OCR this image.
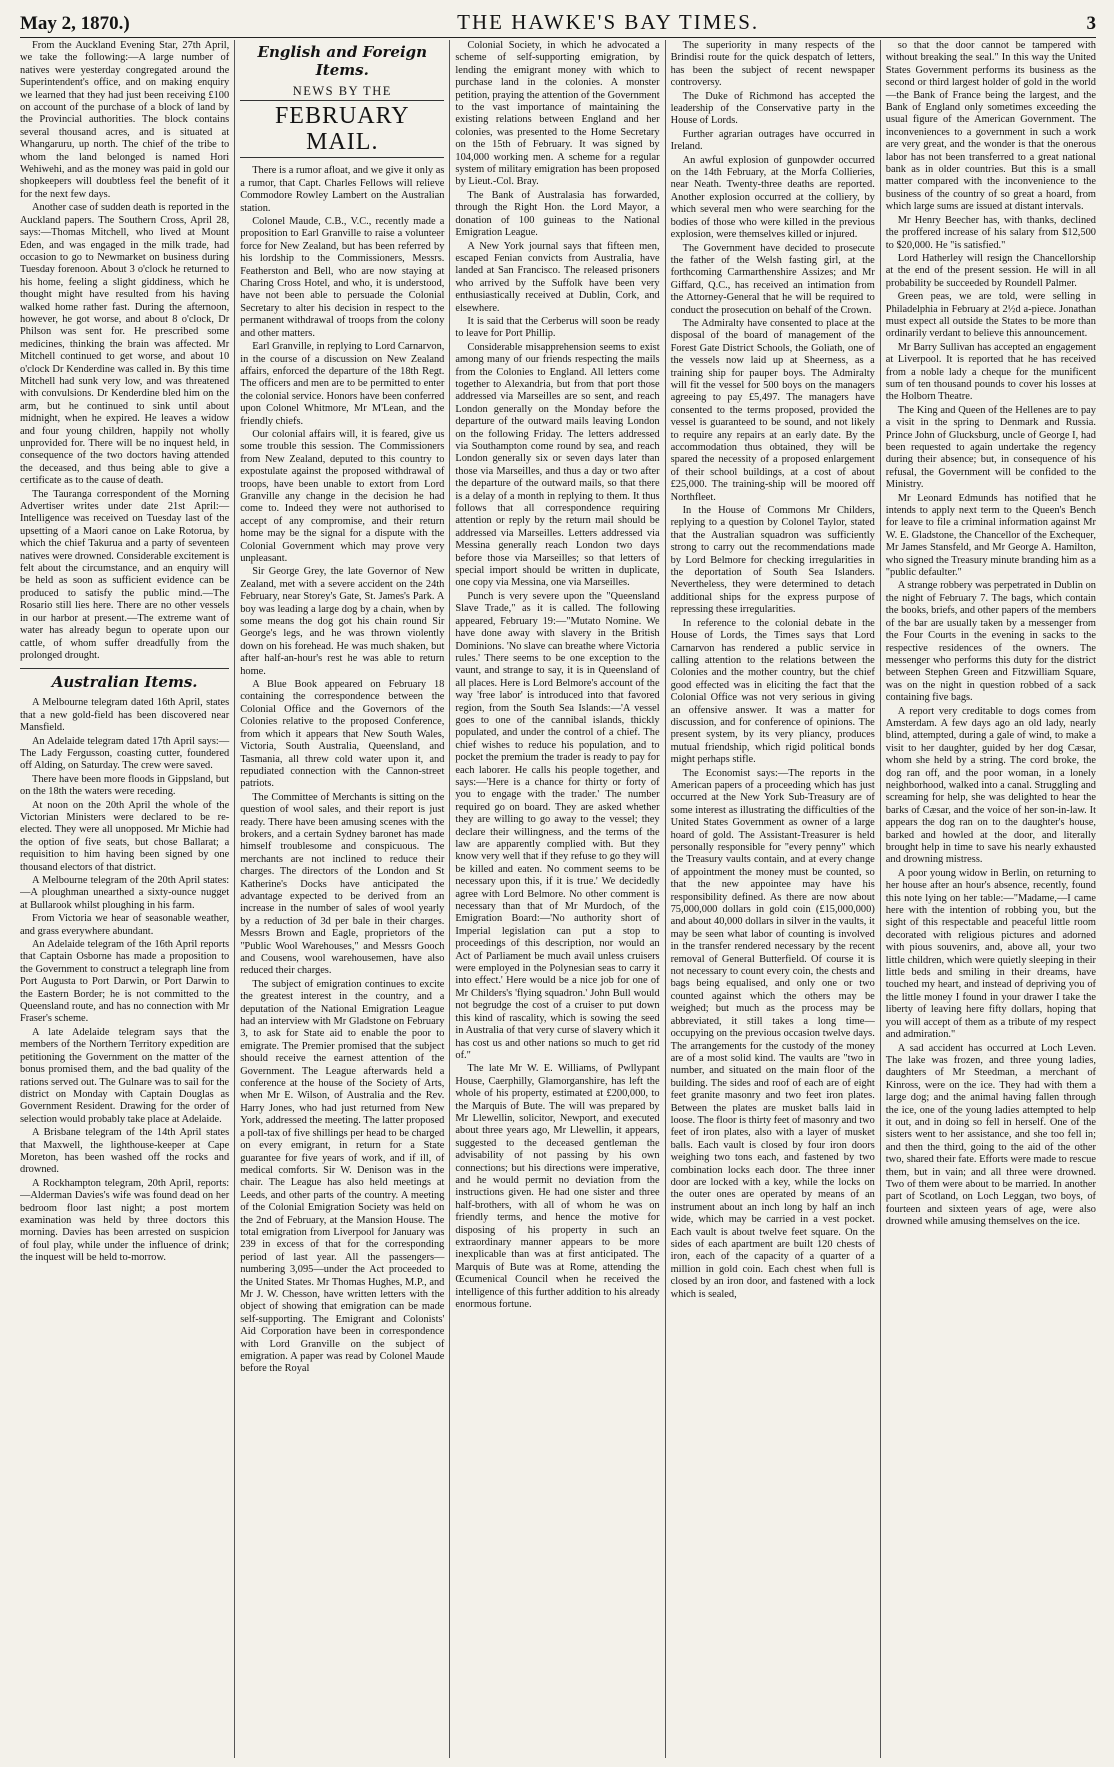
May 2, 1870.)	THE HAWKE'S BAY TIMES.	3

From the Auckland Evening Star, 27th April, we take the following:—A large number of natives were yesterday congregated around the Superintendent's office, and on making enquiry we learned that they had just been receiving £100 on account of the purchase of a block of land by the Provincial authorities. The block contains several thousand acres, and is situated at Whangaruru, up north. The chief of the tribe to whom the land belonged is named Hori Wehiwehi, and as the money was paid in gold our shopkeepers will doubtless feel the benefit of it for the next few days.

Another case of sudden death is reported in the Auckland papers. The Southern Cross, April 28, says:—Thomas Mitchell, who lived at Mount Eden, and was engaged in the milk trade, had occasion to go to Newmarket on business during Tuesday forenoon. About 3 o'clock he returned to his home, feeling a slight giddiness, which he thought might have resulted from his having walked home rather fast. During the afternoon, however, he got worse, and about 8 o'clock, Dr Philson was sent for. He prescribed some medicines, thinking the brain was affected. Mr Mitchell continued to get worse, and about 10 o'clock Dr Kenderdine was called in. By this time Mitchell had sunk very low, and was threatened with convulsions. Dr Kenderdine bled him on the arm, but he continued to sink until about midnight, when he expired. He leaves a widow and four young children, happily not wholly unprovided for. There will be no inquest held, in consequence of the two doctors having attended the deceased, and thus being able to give a certificate as to the cause of death.

The Tauranga correspondent of the Morning Advertiser writes under date 21st April:—Intelligence was received on Tuesday last of the upsetting of a Maori canoe on Lake Rotorua, by which the chief Takurua and a party of seventeen natives were drowned. Considerable excitement is felt about the circumstance, and an enquiry will be held as soon as sufficient evidence can be produced to satisfy the public mind.—The Rosario still lies here. There are no other vessels in our harbor at present.—The extreme want of water has already begun to operate upon our cattle, of whom suffer dreadfully from the prolonged drought.

Australian Items.

A Melbourne telegram dated 16th April, states that a new gold-field has been discovered near Mansfield.

An Adelaide telegram dated 17th April says:—The Lady Fergusson, coasting cutter, foundered off Alding, on Saturday. The crew were saved.

There have been more floods in Gippsland, but on the 18th the waters were receding.

At noon on the 20th April the whole of the Victorian Ministers were declared to be re-elected. They were all unopposed. Mr Michie had the option of five seats, but chose Ballarat; a requisition to him having been signed by one thousand electors of that district.

A Melbourne telegram of the 20th April states:—A ploughman unearthed a sixty-ounce nugget at Bullarook whilst ploughing in his farm.

From Victoria we hear of seasonable weather, and grass everywhere abundant.

An Adelaide telegram of the 16th April reports that Captain Osborne has made a proposition to the Government to construct a telegraph line from Port Augusta to Port Darwin, or Port Darwin to the Eastern Border; he is not committed to the Queensland route, and has no connection with Mr Fraser's scheme.

A late Adelaide telegram says that the members of the Northern Territory expedition are petitioning the Government on the matter of the bonus promised them, and the bad quality of the rations served out. The Gulnare was to sail for the district on Monday with Captain Douglas as Government Resident. Drawing for the order of selection would probably take place at Adelaide.

A Brisbane telegram of the 14th April states that Maxwell, the lighthouse-keeper at Cape Moreton, has been washed off the rocks and drowned.

A Rockhampton telegram, 20th April, reports:—Alderman Davies's wife was found dead on her bedroom floor last night; a post mortem examination was held by three doctors this morning. Davies has been arrested on suspicion of foul play, while under the influence of drink; the inquest will be held to-morrow.

English and Foreign Items.
NEWS BY THE
FEBRUARY MAIL.

There is a rumor afloat, and we give it only as a rumor, that Capt. Charles Fellows will relieve Commodore Rowley Lambert on the Australian station.

Colonel Maude, C.B., V.C., recently made a proposition to Earl Granville to raise a volunteer force for New Zealand, but has been referred by his lordship to the Commissioners, Messrs. Featherston and Bell, who are now staying at Charing Cross Hotel, and who, it is understood, have not been able to persuade the Colonial Secretary to alter his decision in respect to the permanent withdrawal of troops from the colony and other matters.

Earl Granville, in replying to Lord Carnarvon, in the course of a discussion on New Zealand affairs, enforced the departure of the 18th Regt. The officers and men are to be permitted to enter the colonial service. Honors have been conferred upon Colonel Whitmore, Mr M'Lean, and the friendly chiefs.

Our colonial affairs will, it is feared, give us some trouble this session. The Commissioners from New Zealand, deputed to this country to expostulate against the proposed withdrawal of troops, have been unable to extort from Lord Granville any change in the decision he had come to. Indeed they were not authorised to accept of any compromise, and their return home may be the signal for a dispute with the Colonial Government which may prove very unpleasant.

Sir George Grey, the late Governor of New Zealand, met with a severe accident on the 24th February, near Storey's Gate, St. James's Park. A boy was leading a large dog by a chain, when by some means the dog got his chain round Sir George's legs, and he was thrown violently down on his forehead. He was much shaken, but after half-an-hour's rest he was able to return home.

A Blue Book appeared on February 18 containing the correspondence between the Colonial Office and the Governors of the Colonies relative to the proposed Conference, from which it appears that New South Wales, Victoria, South Australia, Queensland, and Tasmania, all threw cold water upon it, and repudiated connection with the Cannon-street patriots.

The Committee of Merchants is sitting on the question of wool sales, and their report is just ready. There have been amusing scenes with the brokers, and a certain Sydney baronet has made himself troublesome and conspicuous. The merchants are not inclined to reduce their charges. The directors of the London and St Katherine's Docks have anticipated the advantage expected to be derived from an increase in the number of sales of wool yearly by a reduction of 3d per bale in their charges. Messrs Brown and Eagle, proprietors of the "Public Wool Warehouses," and Messrs Gooch and Cousens, wool warehousemen, have also reduced their charges.

The subject of emigration continues to excite the greatest interest in the country, and a deputation of the National Emigration League had an interview with Mr Gladstone on February 3, to ask for State aid to enable the poor to emigrate. The Premier promised that the subject should receive the earnest attention of the Government. The League afterwards held a conference at the house of the Society of Arts, when Mr E. Wilson, of Australia and the Rev. Harry Jones, who had just returned from New York, addressed the meeting. The latter proposed a poll-tax of five shillings per head to be charged on every emigrant, in return for a State guarantee for five years of work, and if ill, of medical comforts. Sir W. Denison was in the chair. The League has also held meetings at Leeds, and other parts of the country. A meeting of the Colonial Emigration Society was held on the 2nd of February, at the Mansion House. The total emigration from Liverpool for January was 239 in excess of that for the corresponding period of last year. All the passengers—numbering 3,095—under the Act proceeded to the United States. Mr Thomas Hughes, M.P., and Mr J. W. Chesson, have written letters with the object of showing that emigration can be made self-supporting. The Emigrant and Colonists' Aid Corporation have been in correspondence with Lord Granville on the subject of emigration. A paper was read by Colonel Maude before the Royal

Colonial Society, in which he advocated a scheme of self-supporting emigration, by lending the emigrant money with which to purchase land in the colonies. A monster petition, praying the attention of the Government to the vast importance of maintaining the existing relations between England and her colonies, was presented to the Home Secretary on the 15th of February. It was signed by 104,000 working men. A scheme for a regular system of military emigration has been proposed by Lieut.-Col. Bray.

The Bank of Australasia has forwarded, through the Right Hon. the Lord Mayor, a donation of 100 guineas to the National Emigration League.

A New York journal says that fifteen men, escaped Fenian convicts from Australia, have landed at San Francisco. The released prisoners who arrived by the Suffolk have been very enthusiastically received at Dublin, Cork, and elsewhere.

It is said that the Cerberus will soon be ready to leave for Port Phillip.

Considerable misapprehension seems to exist among many of our friends respecting the mails from the Colonies to England. All letters come together to Alexandria, but from that port those addressed via Marseilles are so sent, and reach London generally on the Monday before the departure of the outward mails leaving London on the following Friday. The letters addressed via Southampton come round by sea, and reach London generally six or seven days later than those via Marseilles, and thus a day or two after the departure of the outward mails, so that there is a delay of a month in replying to them. It thus follows that all correspondence requiring attention or reply by the return mail should be addressed via Marseilles. Letters addressed via Messina generally reach London two days before those via Marseilles; so that letters of special import should be written in duplicate, one copy via Messina, one via Marseilles.

Punch is very severe upon the "Queensland Slave Trade," as it is called. The following appeared, February 19:—"Mutato Nomine. We have done away with slavery in the British Dominions. 'No slave can breathe where Victoria rules.' There seems to be one exception to the vaunt, and strange to say, it is in Queensland of all places. Here is Lord Belmore's account of the way 'free labor' is introduced into that favored region, from the South Sea Islands:—'A vessel goes to one of the cannibal islands, thickly populated, and under the control of a chief. The chief wishes to reduce his population, and to pocket the premium the trader is ready to pay for each laborer. He calls his people together, and says:—'Here is a chance for thirty or forty of you to engage with the trader.' The number required go on board. They are asked whether they are willing to go away to the vessel; they declare their willingness, and the terms of the law are apparently complied with. But they know very well that if they refuse to go they will be killed and eaten. No comment seems to be necessary upon this, if it is true.' We decidedly agree with Lord Belmore. No other comment is necessary than that of Mr Murdoch, of the Emigration Board:—'No authority short of Imperial legislation can put a stop to proceedings of this description, nor would an Act of Parliament be much avail unless cruisers were employed in the Polynesian seas to carry it into effect.' Here would be a nice job for one of Mr Childers's 'flying squadron.' John Bull would not begrudge the cost of a cruiser to put down this kind of rascality, which is sowing the seed in Australia of that very curse of slavery which it has cost us and other nations so much to get rid of."

The late Mr W. E. Williams, of Pwllypant House, Caerphilly, Glamorganshire, has left the whole of his property, estimated at £200,000, to the Marquis of Bute. The will was prepared by Mr Llewellin, solicitor, Newport, and executed about three years ago, Mr Llewellin, it appears, suggested to the deceased gentleman the advisability of not passing by his own connections; but his directions were imperative, and he would permit no deviation from the instructions given. He had one sister and three half-brothers, with all of whom he was on friendly terms, and hence the motive for disposing of his property in such an extraordinary manner appears to be more inexplicable than was at first anticipated. The Marquis of Bute was at Rome, attending the Œcumenical Council when he received the intelligence of this further addition to his already enormous fortune.

The superiority in many respects of the Brindisi route for the quick despatch of letters, has been the subject of recent newspaper controversy.

The Duke of Richmond has accepted the leadership of the Conservative party in the House of Lords.

Further agrarian outrages have occurred in Ireland.

An awful explosion of gunpowder occurred on the 14th February, at the Morfa Collieries, near Neath. Twenty-three deaths are reported. Another explosion occurred at the colliery, by which several men who were searching for the bodies of those who were killed in the previous explosion, were themselves killed or injured.

The Government have decided to prosecute the father of the Welsh fasting girl, at the forthcoming Carmarthenshire Assizes; and Mr Giffard, Q.C., has received an intimation from the Attorney-General that he will be required to conduct the prosecution on behalf of the Crown.

The Admiralty have consented to place at the disposal of the board of management of the Forest Gate District Schools, the Goliath, one of the vessels now laid up at Sheerness, as a training ship for pauper boys. The Admiralty will fit the vessel for 500 boys on the managers agreeing to pay £5,497. The managers have consented to the terms proposed, provided the vessel is guaranteed to be sound, and not likely to require any repairs at an early date. By the accommodation thus obtained, they will be spared the necessity of a proposed enlargement of their school buildings, at a cost of about £25,000. The training-ship will be moored off Northfleet.

In the House of Commons Mr Childers, replying to a question by Colonel Taylor, stated that the Australian squadron was sufficiently strong to carry out the recommendations made by Lord Belmore for checking irregularities in the deportation of South Sea Islanders. Nevertheless, they were determined to detach additional ships for the express purpose of repressing these irregularities.

In reference to the colonial debate in the House of Lords, the Times says that Lord Carnarvon has rendered a public service in calling attention to the relations between the Colonies and the mother country, but the chief good effected was in eliciting the fact that the Colonial Office was not very serious in giving an offensive answer. It was a matter for discussion, and for conference of opinions. The present system, by its very pliancy, produces mutual friendship, which rigid political bonds might perhaps stifle.

The Economist says:—The reports in the American papers of a proceeding which has just occurred at the New York Sub-Treasury are of some interest as illustrating the difficulties of the United States Government as owner of a large hoard of gold. The Assistant-Treasurer is held personally responsible for "every penny" which the Treasury vaults contain, and at every change of appointment the money must be counted, so that the new appointee may have his responsibility defined. As there are now about 75,000,000 dollars in gold coin (£15,000,000) and about 40,000 dollars in silver in the vaults, it may be seen what labor of counting is involved in the transfer rendered necessary by the recent removal of General Butterfield. Of course it is not necessary to count every coin, the chests and bags being equalised, and only one or two counted against which the others may be weighed; but much as the process may be abbreviated, it still takes a long time—occupying on the previous occasion twelve days. The arrangements for the custody of the money are of a most solid kind. The vaults are "two in number, and situated on the main floor of the building. The sides and roof of each are of eight feet granite masonry and two feet iron plates. Between the plates are musket balls laid in loose. The floor is thirty feet of masonry and two feet of iron plates, also with a layer of musket balls. Each vault is closed by four iron doors weighing two tons each, and fastened by two combination locks each door. The three inner door are locked with a key, while the locks on the outer ones are operated by means of an instrument about an inch long by half an inch wide, which may be carried in a vest pocket. Each vault is about twelve feet square. On the sides of each apartment are built 120 chests of iron, each of the capacity of a quarter of a million in gold coin. Each chest when full is closed by an iron door, and fastened with a lock which is sealed,

so that the door cannot be tampered with without breaking the seal." In this way the United States Government performs its business as the second or third largest holder of gold in the world—the Bank of France being the largest, and the Bank of England only sometimes exceeding the usual figure of the American Government. The inconveniences to a government in such a work are very great, and the wonder is that the onerous labor has not been transferred to a great national bank as in older countries. But this is a small matter compared with the inconvenience to the business of the country of so great a hoard, from which large sums are issued at distant intervals.

Mr Henry Beecher has, with thanks, declined the proffered increase of his salary from $12,500 to $20,000. He "is satisfied."

Lord Hatherley will resign the Chancellorship at the end of the present session. He will in all probability be succeeded by Roundell Palmer.

Green peas, we are told, were selling in Philadelphia in February at 2½d a-piece. Jonathan must expect all outside the States to be more than ordinarily verdant to believe this announcement.

Mr Barry Sullivan has accepted an engagement at Liverpool. It is reported that he has received from a noble lady a cheque for the munificent sum of ten thousand pounds to cover his losses at the Holborn Theatre.

The King and Queen of the Hellenes are to pay a visit in the spring to Denmark and Russia. Prince John of Glucksburg, uncle of George I, had been requested to again undertake the regency during their absence; but, in consequence of his refusal, the Government will be confided to the Ministry.

Mr Leonard Edmunds has notified that he intends to apply next term to the Queen's Bench for leave to file a criminal information against Mr W. E. Gladstone, the Chancellor of the Exchequer, Mr James Stansfeld, and Mr George A. Hamilton, who signed the Treasury minute branding him as a "public defaulter."

A strange robbery was perpetrated in Dublin on the night of February 7. The bags, which contain the books, briefs, and other papers of the members of the bar are usually taken by a messenger from the Four Courts in the evening in sacks to the respective residences of the owners. The messenger who performs this duty for the district between Stephen Green and Fitzwilliam Square, was on the night in question robbed of a sack containing five bags.

A report very creditable to dogs comes from Amsterdam. A few days ago an old lady, nearly blind, attempted, during a gale of wind, to make a visit to her daughter, guided by her dog Cæsar, whom she held by a string. The cord broke, the dog ran off, and the poor woman, in a lonely neighborhood, walked into a canal. Struggling and screaming for help, she was delighted to hear the barks of Cæsar, and the voice of her son-in-law. It appears the dog ran on to the daughter's house, barked and howled at the door, and literally brought help in time to save his nearly exhausted and drowning mistress.

A poor young widow in Berlin, on returning to her house after an hour's absence, recently, found this note lying on her table:—"Madame,—I came here with the intention of robbing you, but the sight of this respectable and peaceful little room decorated with religious pictures and adorned with pious souvenirs, and, above all, your two little children, which were quietly sleeping in their little beds and smiling in their dreams, have touched my heart, and instead of depriving you of the little money I found in your drawer I take the liberty of leaving here fifty dollars, hoping that you will accept of them as a tribute of my respect and admiration."

A sad accident has occurred at Loch Leven. The lake was frozen, and three young ladies, daughters of Mr Steedman, a merchant of Kinross, were on the ice. They had with them a large dog; and the animal having fallen through the ice, one of the young ladies attempted to help it out, and in doing so fell in herself. One of the sisters went to her assistance, and she too fell in; and then the third, going to the aid of the other two, shared their fate. Efforts were made to rescue them, but in vain; and all three were drowned. Two of them were about to be married. In another part of Scotland, on Loch Leggan, two boys, of fourteen and sixteen years of age, were also drowned while amusing themselves on the ice.
